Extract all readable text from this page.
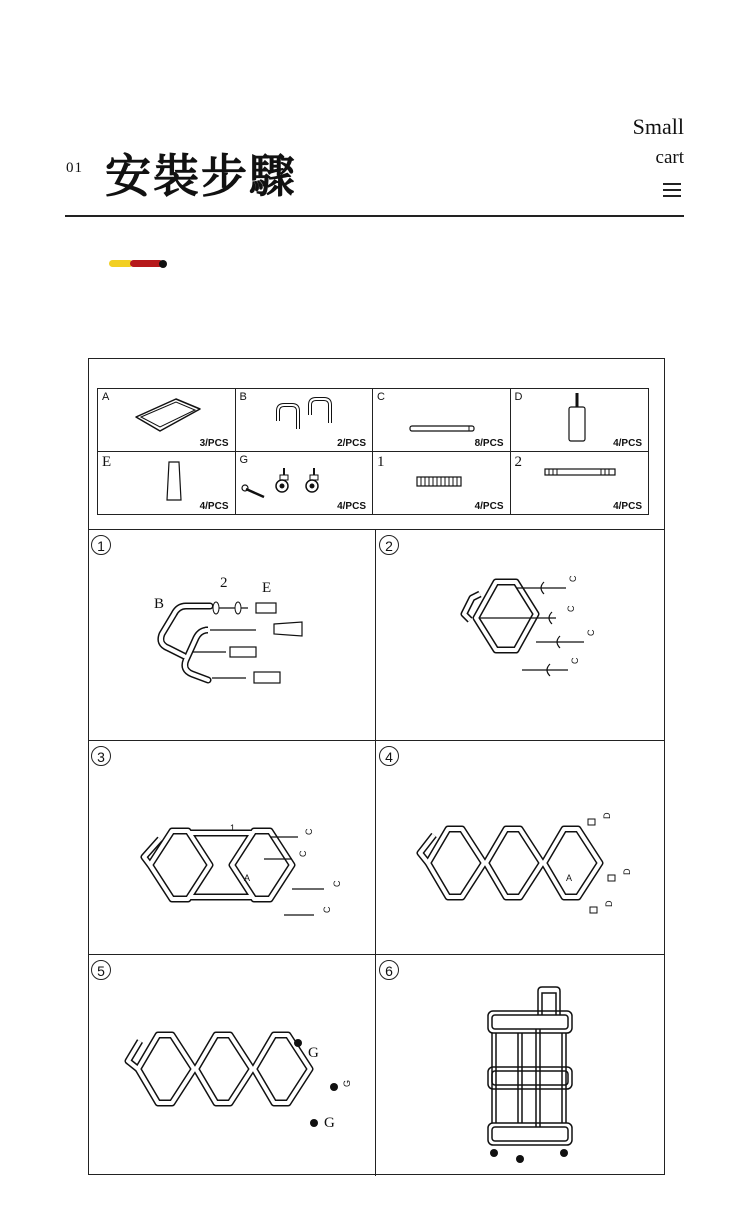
01 安裝步驟
Small
cart
A
3/PCS
B
2/PCS
C
8/PCS
D
4/PCS
E
4/PCS
G
4/PCS
1
4/PCS
2
4/PCS
1
B
2 E
2
C
C
C
C
3
1
A
C
C
C
C
4
A
D
D
D
5
G
G
G
6
